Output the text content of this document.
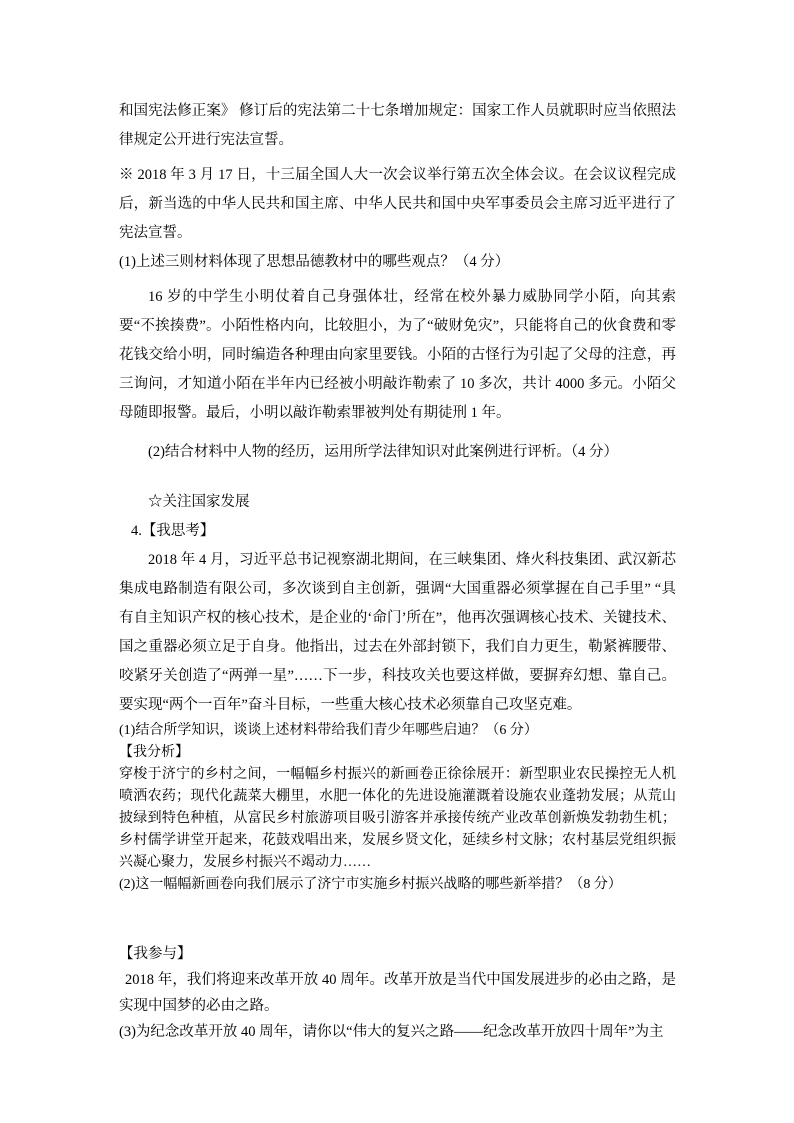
和国宪法修正案》 修订后的宪法第二十七条增加规定：国家工作人员就职时应当依照法律规定公开进行宪法宣誓。

※ 2018 年 3 月 17 日，十三届全国人大一次会议举行第五次全体会议。在会议议程完成后，新当选的中华人民共和国主席、中华人民共和国中央军事委员会主席习近平进行了宪法宣誓。

(1)上述三则材料体现了思想品德教材中的哪些观点？（4 分）

16 岁的中学生小明仗着自己身强体壮，经常在校外暴力威胁同学小陌，向其索要“不挨揍费”。小陌性格内向，比较胆小，为了“破财免灾”，只能将自己的伙食费和零花钱交给小明，同时编造各种理由向家里要钱。小陌的古怪行为引起了父母的注意，再三询问，才知道小陌在半年内已经被小明敲诈勒索了 10 多次，共计 4000 多元。小陌父母随即报警。最后，小明以敲诈勒索罪被判处有期徒刑 1 年。

(2)结合材料中人物的经历，运用所学法律知识对此案例进行评析。（4 分）

☆关注国家发展

4.【我思考】

2018 年 4 月，习近平总书记视察湖北期间，在三峡集团、烽火科技集团、武汉新芯集成电路制造有限公司，多次谈到自主创新，强调“大国重器必须掌握在自己手里” “具有自主知识产权的核心技术，是企业的‘命门’所在”，他再次强调核心技术、关键技术、国之重器必须立足于自身。他指出，过去在外部封锁下，我们自力更生，勒紧裤腰带、咬紧牙关创造了“两弹一星”……下一步，科技攻关也要这样做，要摒弃幻想、靠自己。要实现“两个一百年”奋斗目标，一些重大核心技术必须靠自己攻坚克难。

(1)结合所学知识，谈谈上述材料带给我们青少年哪些启迪？（6 分）

【我分析】

穿梭于济宁的乡村之间，一幅幅乡村振兴的新画卷正徐徐展开：新型职业农民操控无人机喷洒农药；现代化蔬菜大棚里，水肥一体化的先进设施灌溉着设施农业蓬勃发展；从荒山披绿到特色种植，从富民乡村旅游项目吸引游客并承接传统产业改革创新焕发勃勃生机；乡村儒学讲堂开起来，花鼓戏唱出来，发展乡贤文化，延续乡村文脉；农村基层党组织振兴凝心聚力，发展乡村振兴不竭动力……

(2)这一幅幅新画卷向我们展示了济宁市实施乡村振兴战略的哪些新举措？（8 分）

【我参与】

2018 年，我们将迎来改革开放 40 周年。改革开放是当代中国发展进步的必由之路，是实现中国梦的必由之路。

(3)为纪念改革开放 40 周年，请你以“伟大的复兴之路——纪念改革开放四十周年”为主
